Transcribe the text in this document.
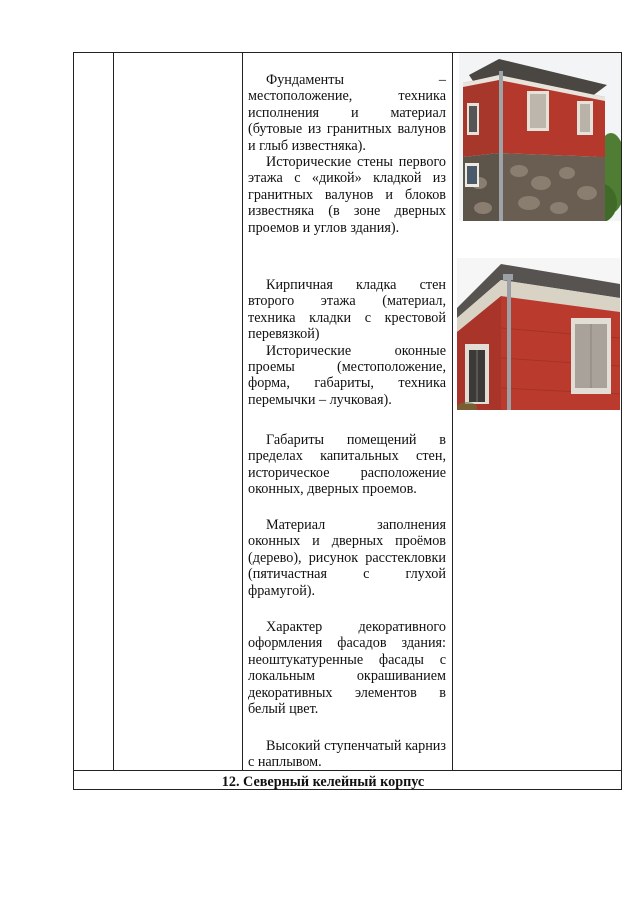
Фундаменты – местоположение, техника исполнения и материал (бутовые из гранитных валунов и глыб известняка).

Исторические стены первого этажа с «дикой» кладкой из гранитных валунов и блоков известняка (в зоне дверных проемов и углов здания).

Кирпичная кладка стен второго этажа (материал, техника кладки с крестовой перевязкой)

Исторические оконные проемы (местоположение, форма, габариты, техника перемычки – лучковая).

Габариты помещений в пределах капитальных стен, историческое расположение оконных, дверных проемов.

Материал заполнения оконных и дверных проёмов (дерево), рисунок расстекловки (пятичастная с глухой фрамугой).

Характер декоративного оформления фасадов здания: неоштукатуренные фасады с локальным окрашиванием декоративных элементов в белый цвет.

Высокий ступенчатый карниз с наплывом.

12. Северный келейный корпус
